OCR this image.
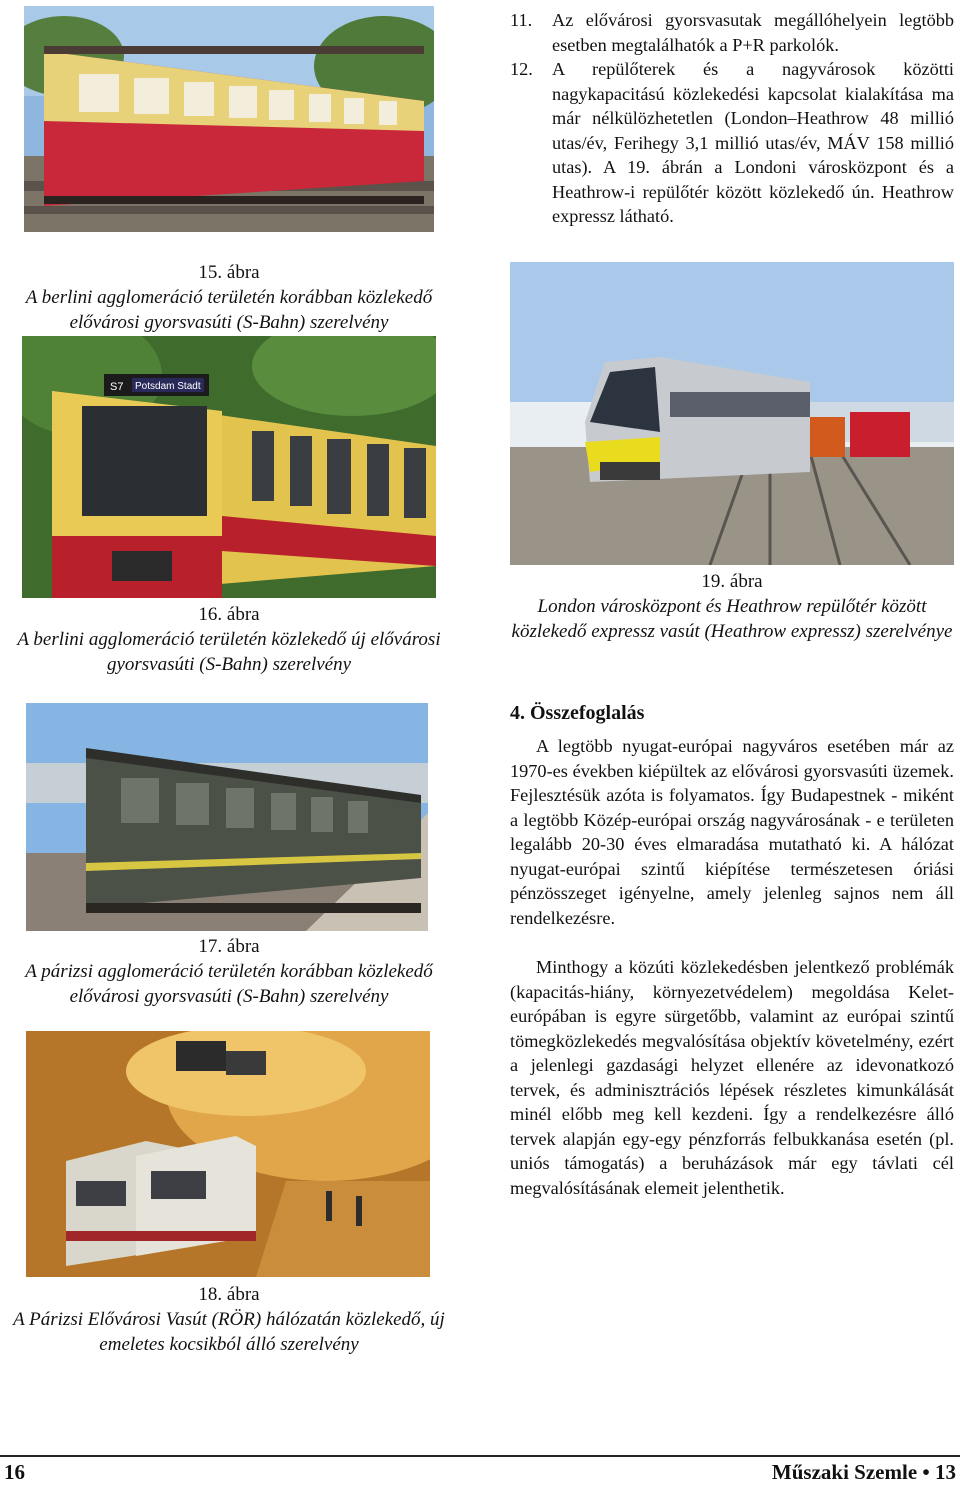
15. ábra
A berlini agglomeráció területén korábban közlekedő elővárosi gyorsvasúti (S-Bahn) szerelvény
11. Az elővárosi gyorsvasutak megállóhelyein legtöbb esetben megtalálhatók a P+R parkolók.
12. A repülőterek és a nagyvárosok közötti nagykapacitású közlekedési kapcsolat kialakítása ma már nélkülözhetetlen (London–Heathrow 48 millió utas/év, Ferihegy 3,1 millió utas/év, MÁV 158 millió utas). A 19. ábrán a Londoni városközpont és a Heathrow-i repülőtér között közlekedő ún. Heathrow expressz látható.
S7 Potsdam Stadt
16. ábra
A berlini agglomeráció területén közlekedő új elővárosi gyorsvasúti (S-Bahn) szerelvény
19. ábra
London városközpont és Heathrow repülőtér között közlekedő expressz vasút (Heathrow expressz) szerelvénye
17. ábra
A párizsi agglomeráció területén korábban közlekedő elővárosi gyorsvasúti (S-Bahn) szerelvény
18. ábra
A Párizsi Elővárosi Vasút (RÖR) hálózatán közlekedő, új emeletes kocsikból álló szerelvény
4. Összefoglalás
A legtöbb nyugat-európai nagyváros esetében már az 1970-es években kiépültek az elővárosi gyorsvasúti üzemek. Fejlesztésük azóta is folyamatos. Így Budapestnek - miként a legtöbb Közép-európai ország nagyvárosának - e területen legalább 20-30 éves elmaradása mutatható ki. A hálózat nyugat-európai szintű kiépítése természetesen óriási pénzösszeget igényelne, amely jelenleg sajnos nem áll rendelkezésre.
Minthogy a közúti közlekedésben jelentkező problémák (kapacitás-hiány, környezetvédelem) megoldása Kelet-európában is egyre sürgetőbb, valamint az európai szintű tömegközlekedés megvalósítása objektív követelmény, ezért a jelenlegi gazdasági helyzet ellenére az idevonatkozó tervek, és adminisztrációs lépések részletes kimunkálását minél előbb meg kell kezdeni. Így a rendelkezésre álló tervek alapján egy-egy pénzforrás felbukkanása esetén (pl. uniós támogatás) a beruházások már egy távlati cél megvalósításának elemeit jelenthetik.
16	Műszaki Szemle • 13
